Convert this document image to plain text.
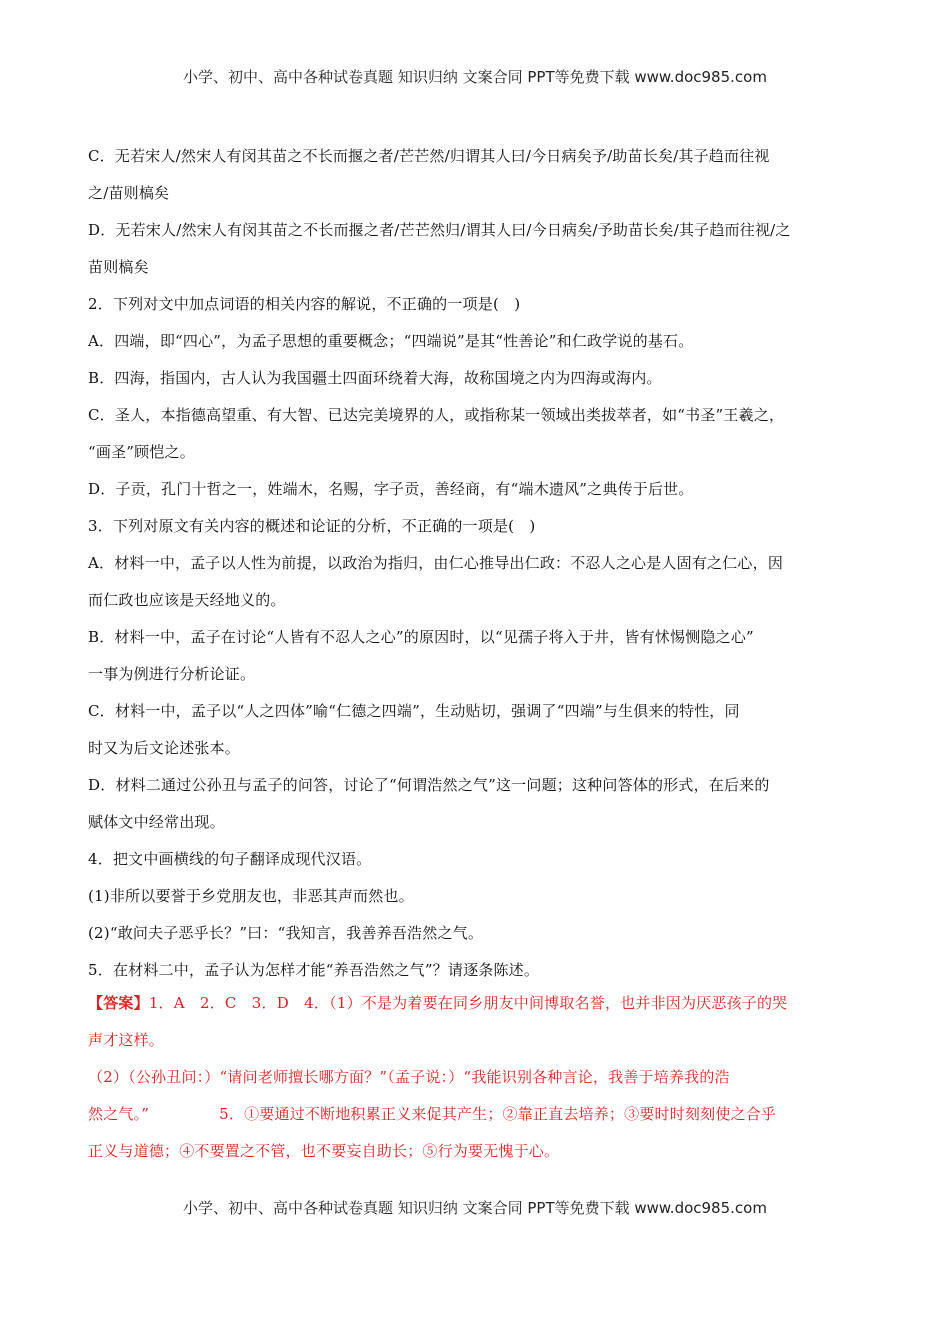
小学、初中、高中各种试卷真题 知识归纳 文案合同 PPT等免费下载 www.doc985.com
C．无若宋人/然宋人有闵其苗之不长而揠之者/芒芒然/归谓其人曰/今日病矣予/助苗长矣/其子趋而往视
之/苗则槁矣
D．无若宋人/然宋人有闵其苗之不长而揠之者/芒芒然归/谓其人曰/今日病矣/予助苗长矣/其子趋而往视/之
苗则槁矣
2．下列对文中加点词语的相关内容的解说，不正确的一项是(　)
A．四端，即“四心”，为孟子思想的重要概念；“四端说”是其“性善论”和仁政学说的基石。
B．四海，指国内，古人认为我国疆土四面环绕着大海，故称国境之内为四海或海内。
C．圣人，本指德高望重、有大智、已达完美境界的人，或指称某一领域出类拔萃者，如“书圣”王羲之，
“画圣”顾恺之。
D．子贡，孔门十哲之一，姓端木，名赐，字子贡，善经商，有“端木遗风”之典传于后世。
3．下列对原文有关内容的概述和论证的分析，不正确的一项是(　)
A．材料一中，孟子以人性为前提，以政治为指归，由仁心推导出仁政：不忍人之心是人固有之仁心，因
而仁政也应该是天经地义的。
B．材料一中，孟子在讨论“人皆有不忍人之心”的原因时，以“见孺子将入于井，皆有怵惕恻隐之心”
一事为例进行分析论证。
C．材料一中，孟子以“人之四体”喻“仁德之四端”，生动贴切，强调了“四端”与生俱来的特性，同
时又为后文论述张本。
D．材料二通过公孙丑与孟子的问答，讨论了“何谓浩然之气”这一问题；这种问答体的形式，在后来的
赋体文中经常出现。
4．把文中画横线的句子翻译成现代汉语。
(1)非所以要誉于乡党朋友也，非恶其声而然也。
(2)“敢问夫子恶乎长？”曰：“我知言，我善养吾浩然之气。
5．在材料二中，孟子认为怎样才能“养吾浩然之气”？请逐条陈述。
【答案】1．A　2．C　3．D　4．（1）不是为着要在同乡朋友中间博取名誉，也并非因为厌恶孩子的哭
声才这样。
（2）（公孙丑问：）“请问老师擅长哪方面？”（孟子说：）“我能识别各种言论，我善于培养我的浩
然之气。”	5．①要通过不断地积累正义来促其产生；②靠正直去培养；③要时时刻刻使之合乎
正义与道德；④不要置之不管，也不要妄自助长；⑤行为要无愧于心。
小学、初中、高中各种试卷真题 知识归纳 文案合同 PPT等免费下载 www.doc985.com
